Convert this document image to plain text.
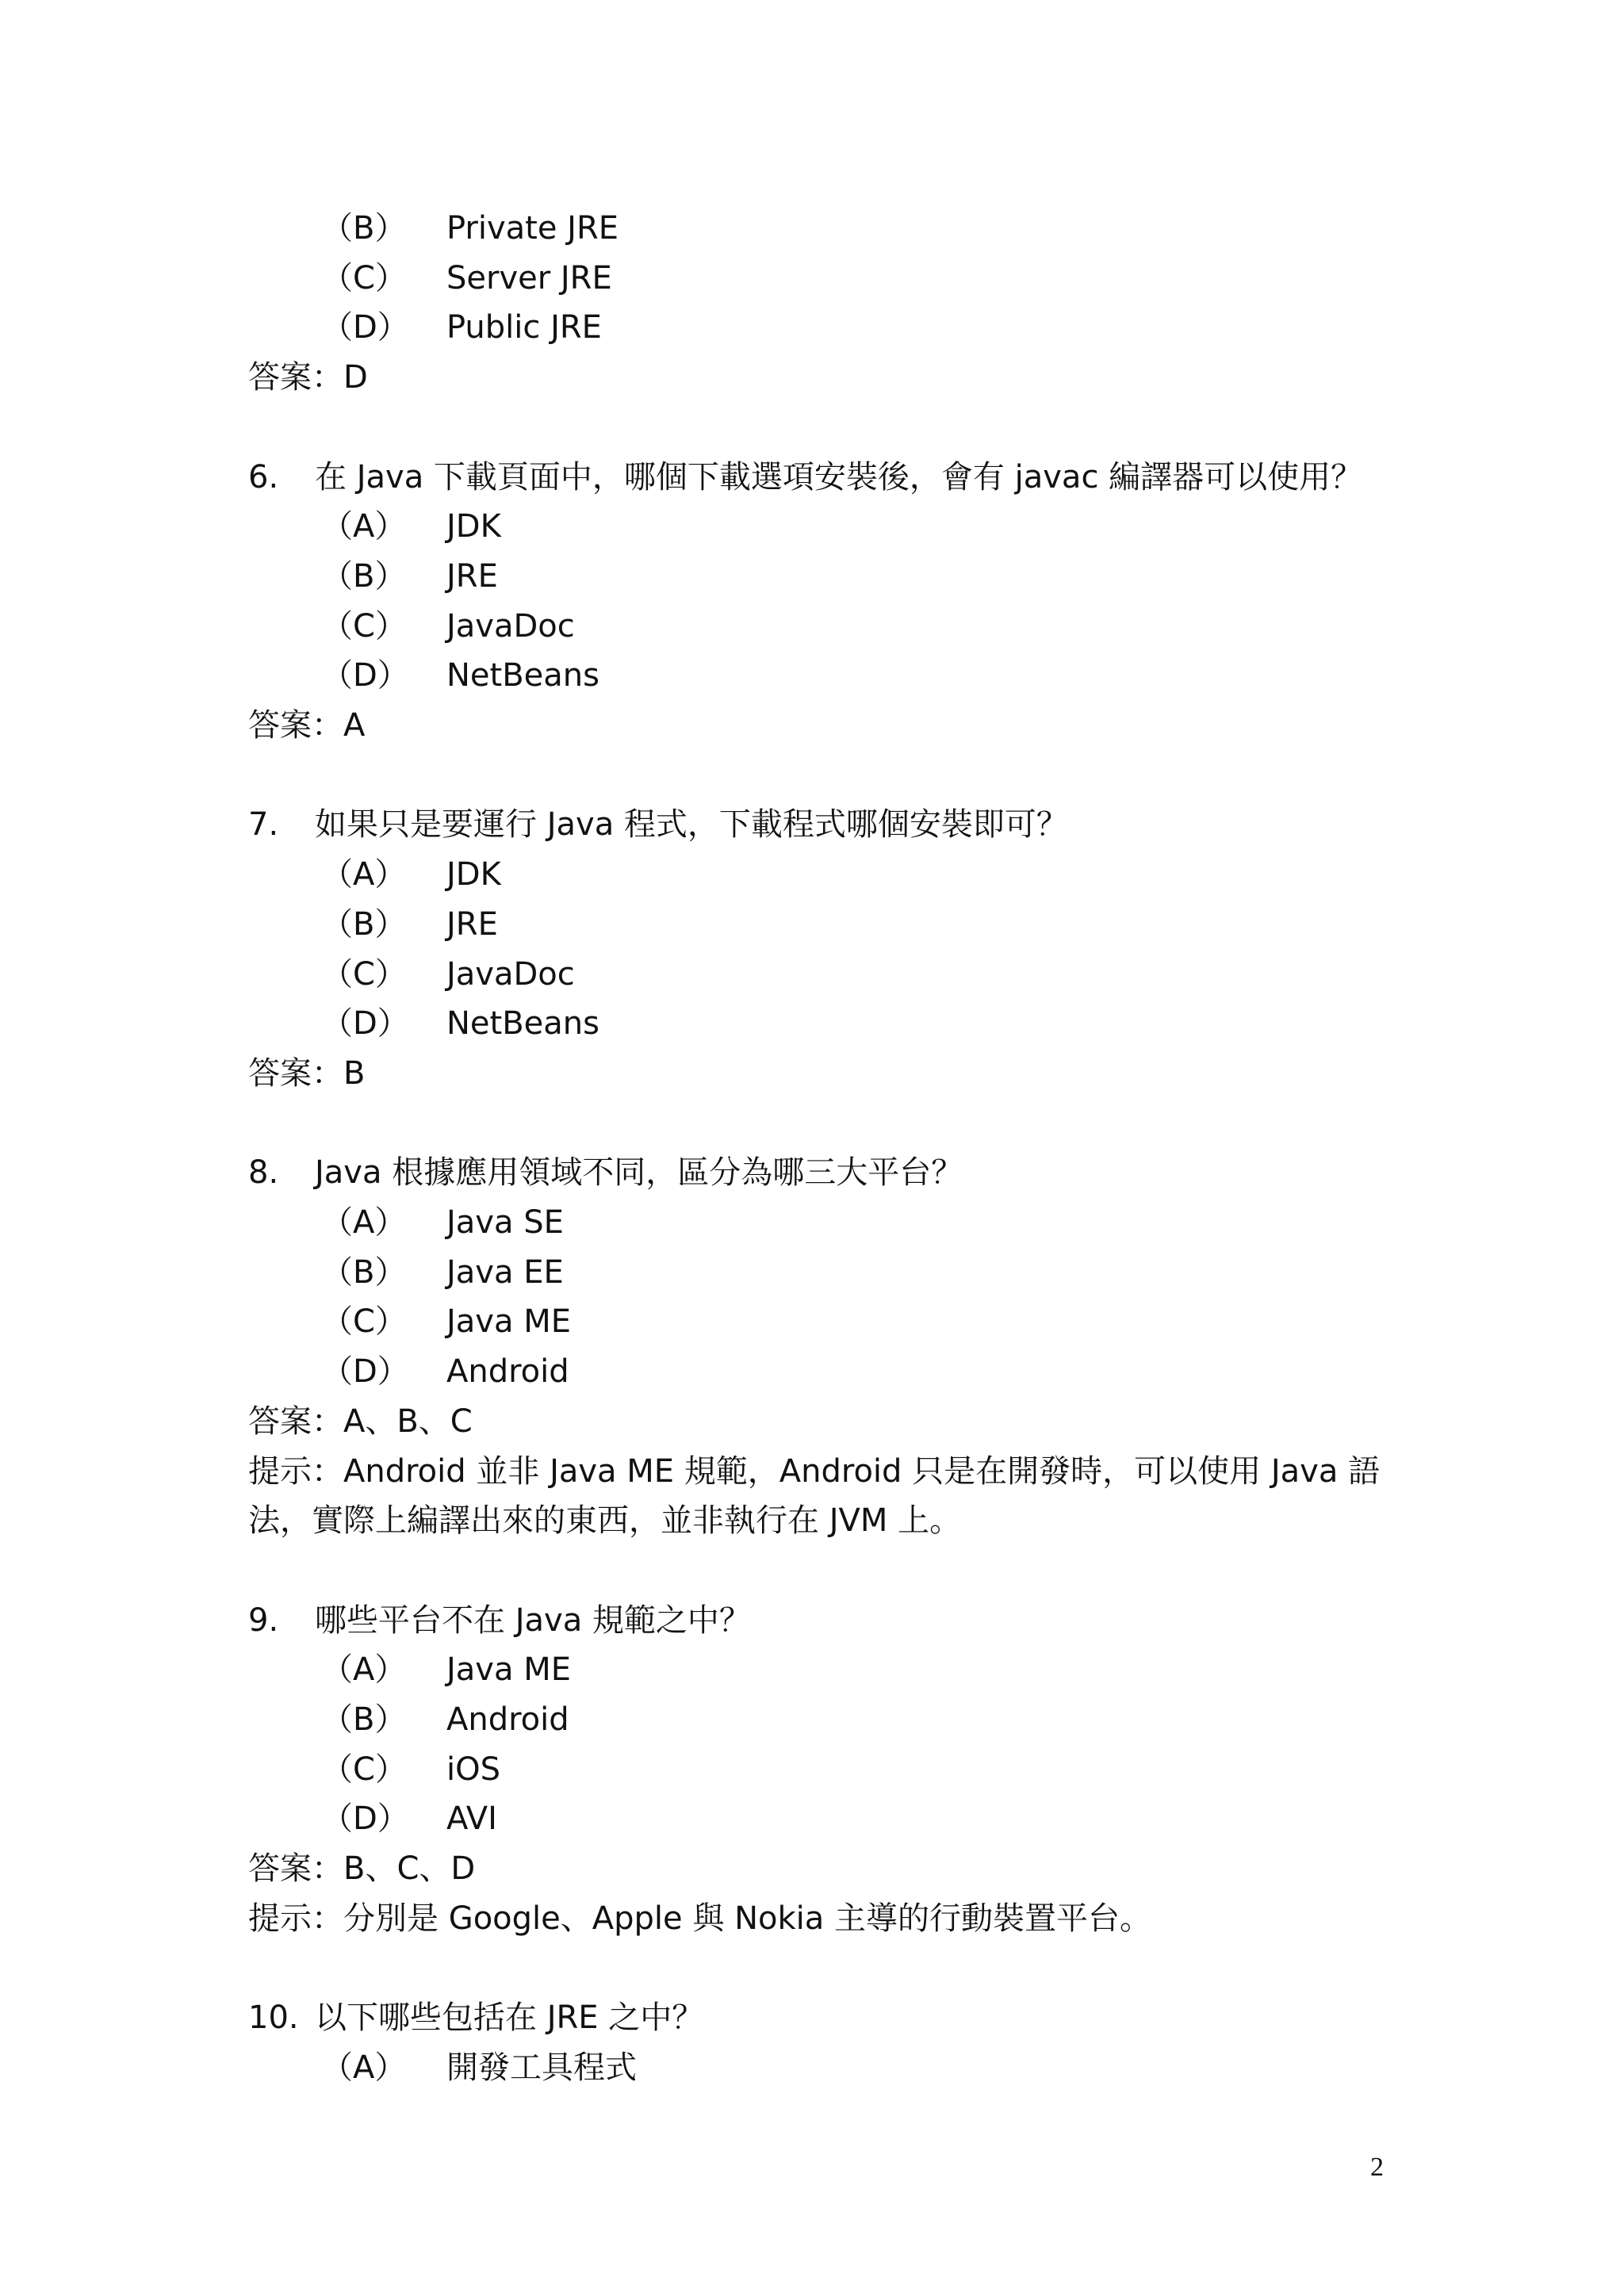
（B） Private JRE
（C） Server JRE
（D） Public JRE
答案：D
6. 在 Java 下載頁面中，哪個下載選項安裝後，會有 javac 編譯器可以使用？
（A） JDK
（B） JRE
（C） JavaDoc
（D） NetBeans
答案：A
7. 如果只是要運行 Java 程式，下載程式哪個安裝即可？
（A） JDK
（B） JRE
（C） JavaDoc
（D） NetBeans
答案：B
8. Java 根據應用領域不同，區分為哪三大平台？
（A） Java SE
（B） Java EE
（C） Java ME
（D） Android
答案：A、B、C
提示：Android 並非 Java ME 規範，Android 只是在開發時，可以使用 Java 語
法，實際上編譯出來的東西，並非執行在 JVM 上。
9. 哪些平台不在 Java 規範之中？
（A） Java ME
（B） Android
（C） iOS
（D） AVI
答案：B、C、D
提示：分別是 Google、Apple 與 Nokia 主導的行動裝置平台。
10. 以下哪些包括在 JRE 之中？
（A） 開發工具程式
2
